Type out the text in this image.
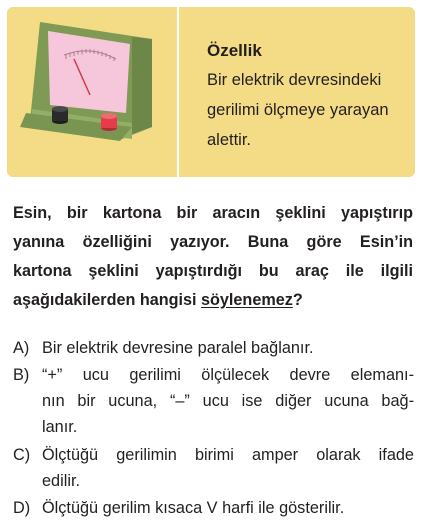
Özellik
Bir elektrik devresindeki
gerilimi ölçmeye yarayan
alettir.
Esin, bir kartona bir aracın şeklini yapıştırıp
yanına özelliğini yazıyor. Buna göre Esin’in
kartona şeklini yapıştırdığı bu araç ile ilgili
aşağıdakilerden hangisi söylenemez?
A) Bir elektrik devresine paralel bağlanır.
B) “+” ucu gerilimi ölçülecek devre elemanı-
nın bir ucuna, “–” ucu ise diğer ucuna bağ-
lanır.
C) Ölçtüğü gerilimin birimi amper olarak ifade
edilir.
D) Ölçtüğü gerilim kısaca V harfi ile gösterilir.
